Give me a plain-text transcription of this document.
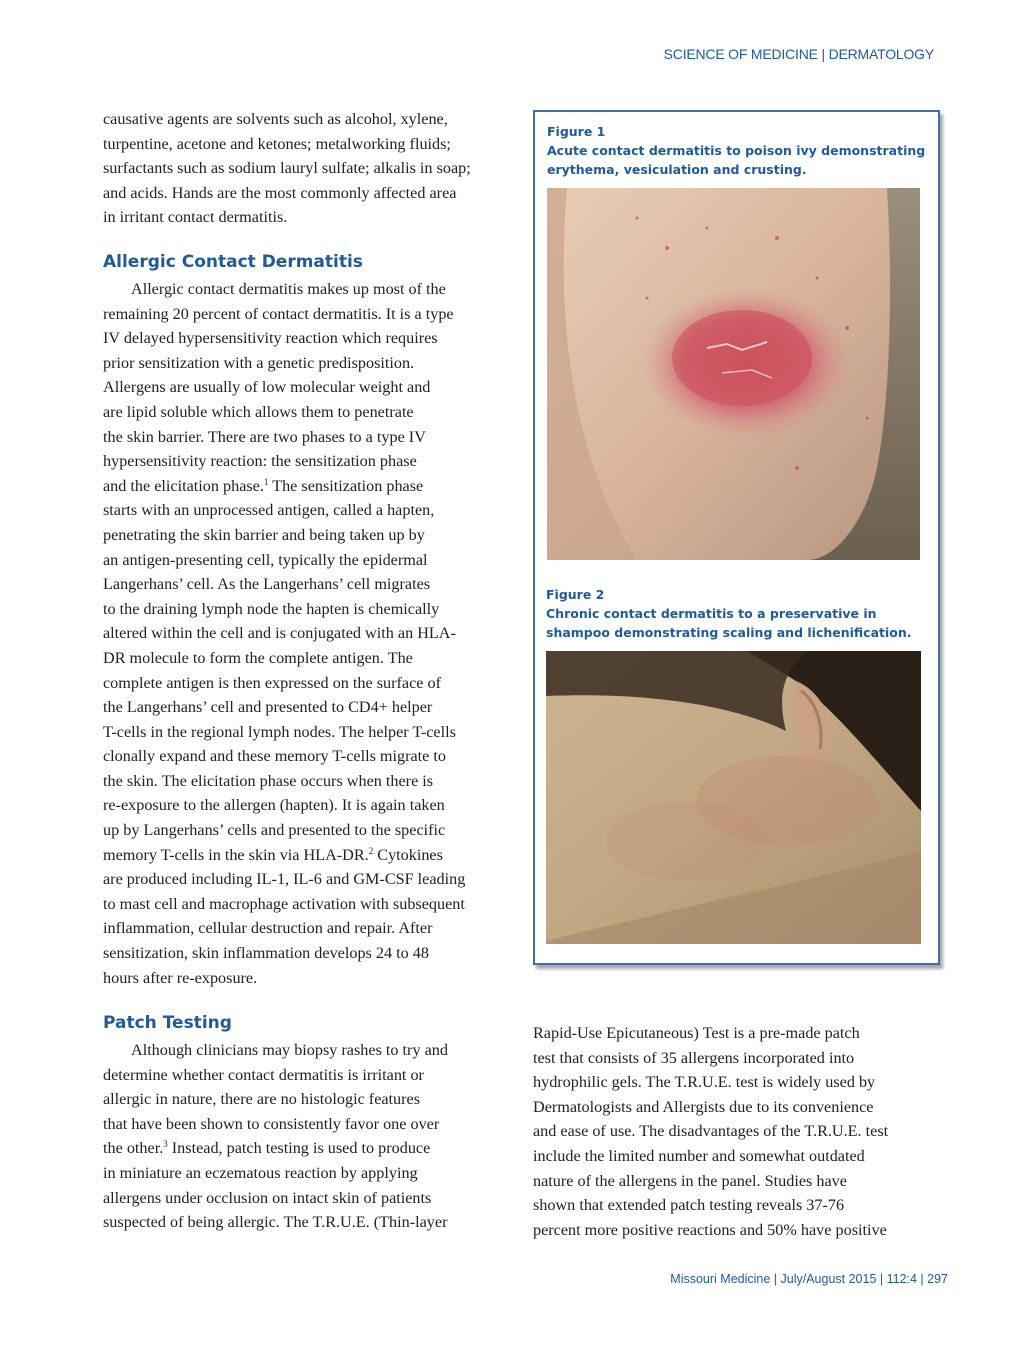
SCIENCE OF MEDICINE | DERMATOLOGY
causative agents are solvents such as alcohol, xylene,
turpentine, acetone and ketones; metalworking fluids;
surfactants such as sodium lauryl sulfate; alkalis in soap;
and acids. Hands are the most commonly affected area
in irritant contact dermatitis.
Allergic Contact Dermatitis
Allergic contact dermatitis makes up most of the
remaining 20 percent of contact dermatitis. It is a type
IV delayed hypersensitivity reaction which requires
prior sensitization with a genetic predisposition.
Allergens are usually of low molecular weight and
are lipid soluble which allows them to penetrate
the skin barrier. There are two phases to a type IV
hypersensitivity reaction: the sensitization phase
and the elicitation phase.$^1$ The sensitization phase
starts with an unprocessed antigen, called a hapten,
penetrating the skin barrier and being taken up by
an antigen-presenting cell, typically the epidermal
Langerhans’ cell. As the Langerhans’ cell migrates
to the draining lymph node the hapten is chemically
altered within the cell and is conjugated with an HLA-
DR molecule to form the complete antigen. The
complete antigen is then expressed on the surface of
the Langerhans’ cell and presented to CD4+ helper
T-cells in the regional lymph nodes. The helper T-cells
clonally expand and these memory T-cells migrate to
the skin. The elicitation phase occurs when there is
re-exposure to the allergen (hapten). It is again taken
up by Langerhans’ cells and presented to the specific
memory T-cells in the skin via HLA-DR.$^2$ Cytokines
are produced including IL-1, IL-6 and GM-CSF leading
to mast cell and macrophage activation with subsequent
inflammation, cellular destruction and repair. After
sensitization, skin inflammation develops 24 to 48
hours after re-exposure.
Patch Testing
Although clinicians may biopsy rashes to try and
determine whether contact dermatitis is irritant or
allergic in nature, there are no histologic features
that have been shown to consistently favor one over
the other.$^3$ Instead, patch testing is used to produce
in miniature an eczematous reaction by applying
allergens under occlusion on intact skin of patients
suspected of being allergic. The T.R.U.E. (Thin-layer
Figure 1
Acute contact dermatitis to poison ivy demonstrating
erythema, vesiculation and crusting.
Figure 2
Chronic contact dermatitis to a preservative in
shampoo demonstrating scaling and lichenification.
Rapid-Use Epicutaneous) Test is a pre-made patch
test that consists of 35 allergens incorporated into
hydrophilic gels. The T.R.U.E. test is widely used by
Dermatologists and Allergists due to its convenience
and ease of use. The disadvantages of the T.R.U.E. test
include the limited number and somewhat outdated
nature of the allergens in the panel. Studies have
shown that extended patch testing reveals 37-76
percent more positive reactions and 50% have positive
Missouri Medicine | July/August 2015 | 112:4 | 297
